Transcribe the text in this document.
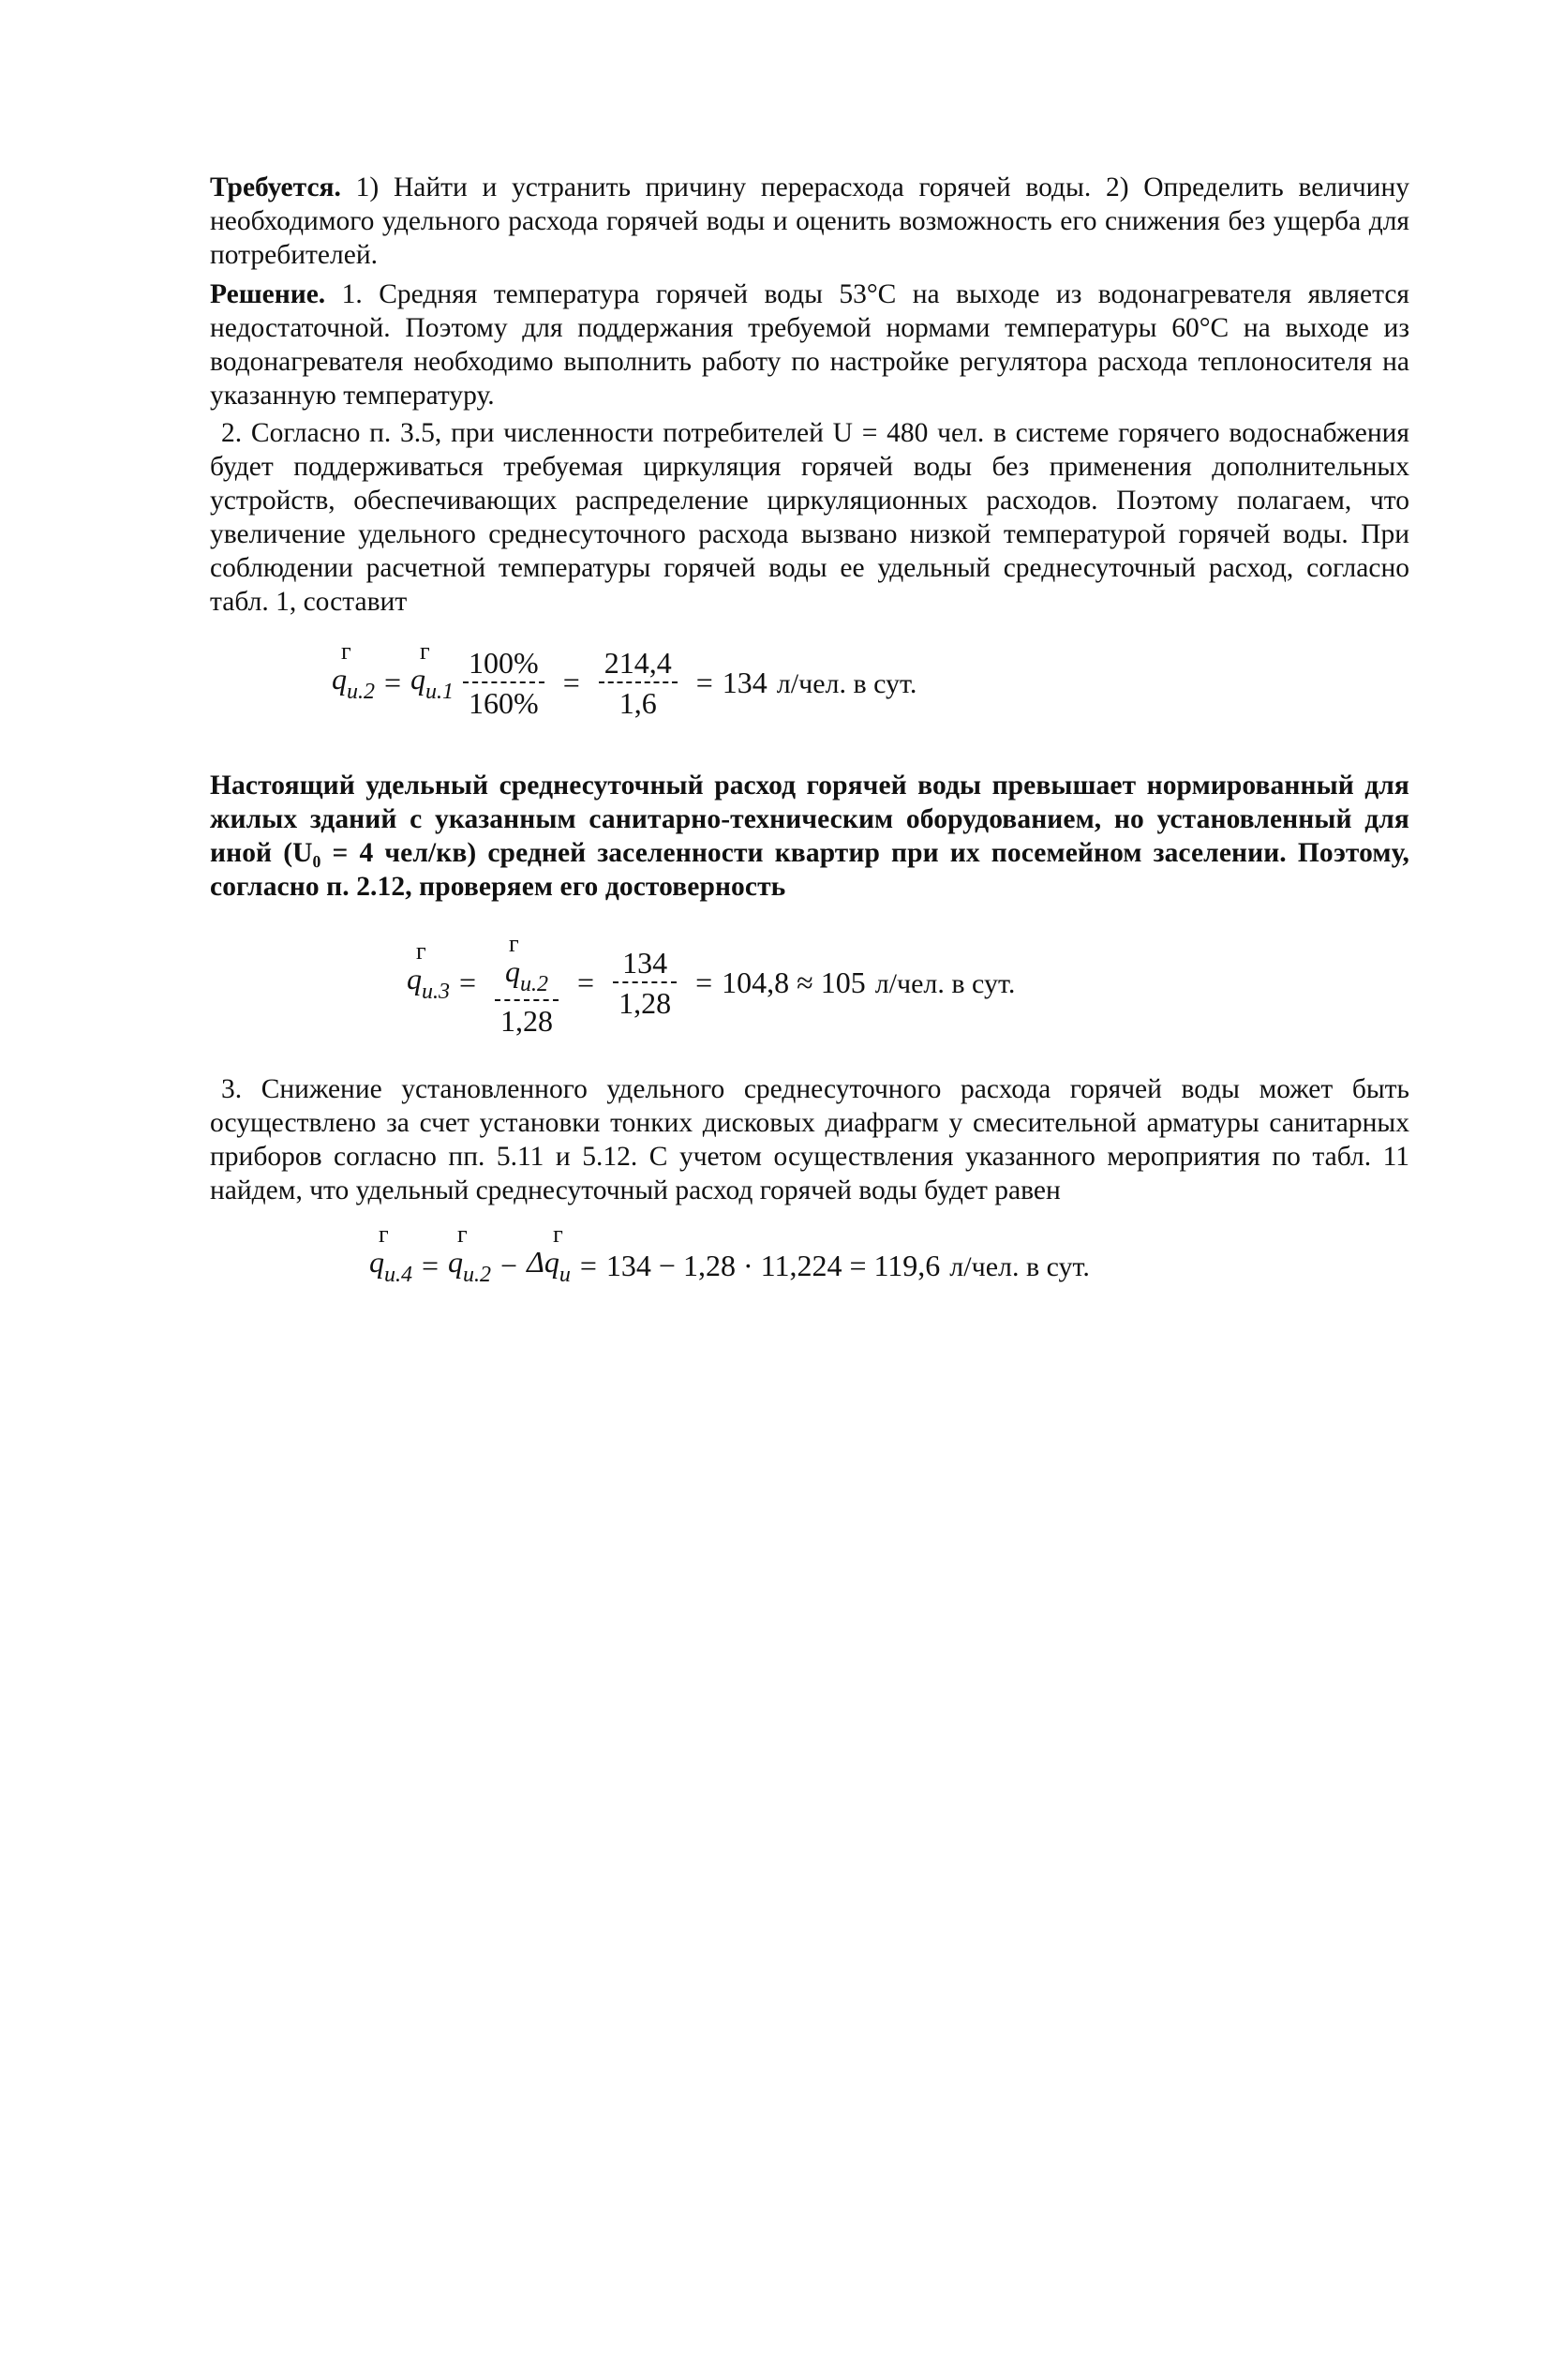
Требуется. 1) Найти и устранить причину перерасхода горячей воды. 2) Определить величину необходимого удельного расхода горячей воды и оценить возможность его снижения без ущерба для потребителей.

Решение. 1. Средняя температура горячей воды 53°С на выходе из водонагревателя является недостаточной. Поэтому для поддержания требуемой нормами температуры 60°С на выходе из водонагревателя необходимо выполнить работу по настройке регулятора расхода теплоносителя на указанную температуру.

2. Согласно п. 3.5, при численности потребителей U = 480 чел. в системе горячего водоснабжения будет поддерживаться требуемая циркуляция горячей воды без применения дополнительных устройств, обеспечивающих распределение циркуляционных расходов. Поэтому полагаем, что увеличение удельного среднесуточного расхода вызвано низкой температурой горячей воды. При соблюдении расчетной температуры горячей воды ее удельный среднесуточный расход, согласно табл. 1, составит

q
г
$_{u.2}$ = q
г
$_{u.1} \frac{100\%}{160\%} = \frac{214,4}{1,6} = 134$ л/чел. в сут.

Настоящий удельный среднесуточный расход горячей воды превышает нормированный для жилых зданий с указанным санитарно-техническим оборудованием, но установленный для иной (U₀ = 4 чел/кв) средней заселенности квартир при их посемейном заселении. Поэтому, согласно п. 2.12, проверяем его достоверность

q
г
$_{u.3}$ = q
г
$_{u.2}$
$1,28 = \frac{134}{1,28} = 104,8 \approx 105$ л/чел. в сут.

3. Снижение установленного удельного среднесуточного расхода горячей воды может быть осуществлено за счет установки тонких дисковых диафрагм у смесительной арматуры санитарных приборов согласно пп. 5.11 и 5.12. С учетом осуществления указанного мероприятия по табл. 11 найдем, что удельный среднесуточный расход горячей воды будет равен

q
г
$_{u.4}$ = q
г
$_{u.2}$ − Δq
г
$_u$ = 134 − 1,28 · 11,224 = 119,6 л/чел. в сут.
